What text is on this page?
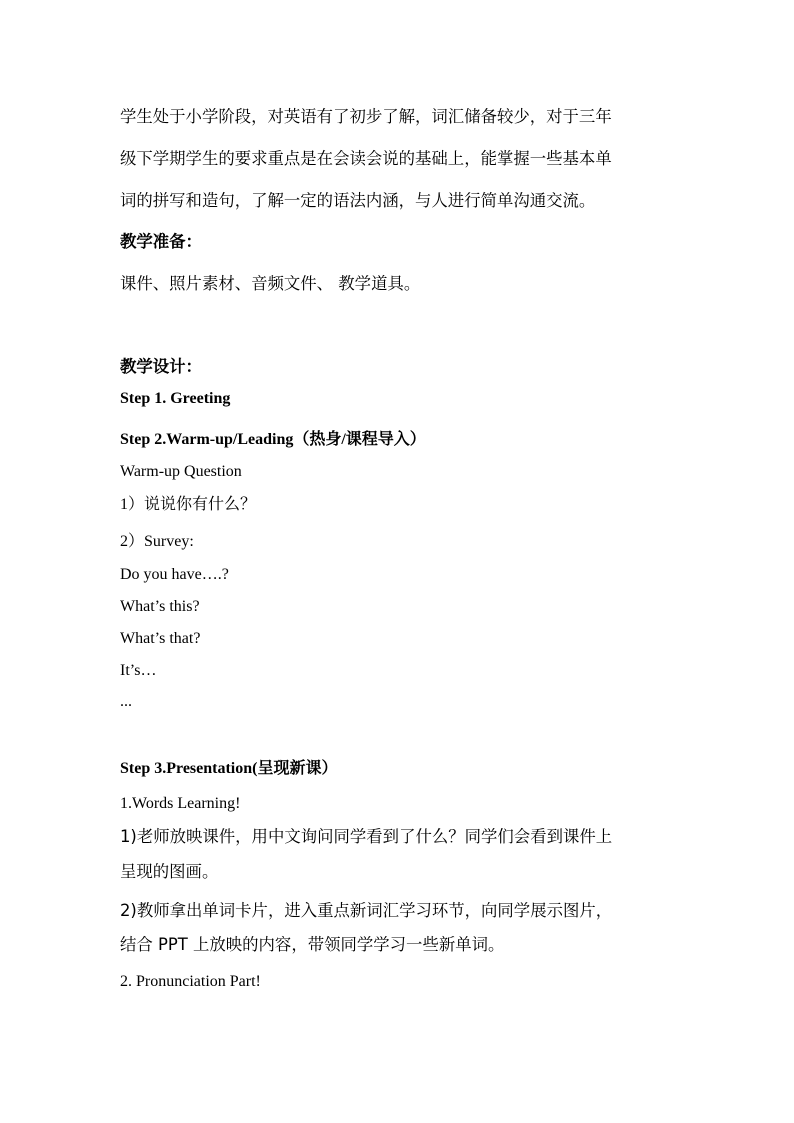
学生处于小学阶段，对英语有了初步了解，词汇储备较少，对于三年
级下学期学生的要求重点是在会读会说的基础上，能掌握一些基本单
词的拼写和造句，了解一定的语法内涵，与人进行简单沟通交流。
教学准备：
课件、照片素材、音频文件、 教学道具。
教学设计：
Step 1. Greeting
Step 2.Warm-up/Leading（热身/课程导入）
Warm-up Question
1）说说你有什么？
2）Survey:
Do you have….?
What’s this?
What’s that?
It’s…
...
Step 3.Presentation(呈现新课）
1.Words Learning!
1)老师放映课件，用中文询问同学看到了什么？同学们会看到课件上
呈现的图画。
2)教师拿出单词卡片，进入重点新词汇学习环节，向同学展示图片，
结合 PPT 上放映的内容，带领同学学习一些新单词。
2. Pronunciation Part!
